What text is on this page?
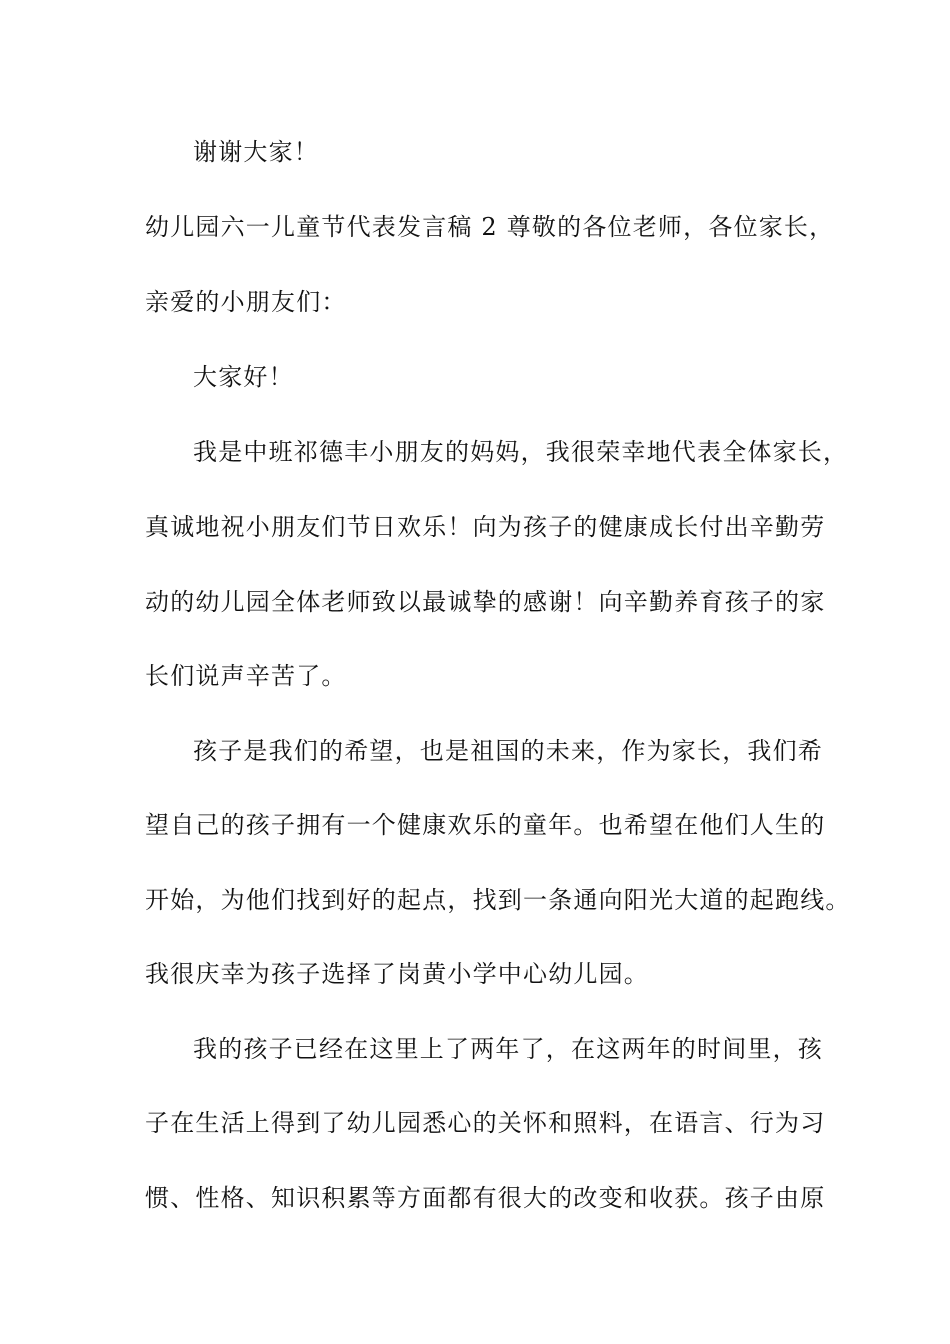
谢谢大家！
幼儿园六一儿童节代表发言稿 2 尊敬的各位老师，各位家长，
亲爱的小朋友们：
大家好！
我是中班祁德丰小朋友的妈妈，我很荣幸地代表全体家长，
真诚地祝小朋友们节日欢乐！向为孩子的健康成长付出辛勤劳
动的幼儿园全体老师致以最诚挚的感谢！向辛勤养育孩子的家
长们说声辛苦了。
孩子是我们的希望，也是祖国的未来，作为家长，我们希
望自己的孩子拥有一个健康欢乐的童年。也希望在他们人生的
开始，为他们找到好的起点，找到一条通向阳光大道的起跑线。
我很庆幸为孩子选择了岗黄小学中心幼儿园。
我的孩子已经在这里上了两年了，在这两年的时间里，孩
子在生活上得到了幼儿园悉心的关怀和照料，在语言、行为习
惯、性格、知识积累等方面都有很大的改变和收获。孩子由原
